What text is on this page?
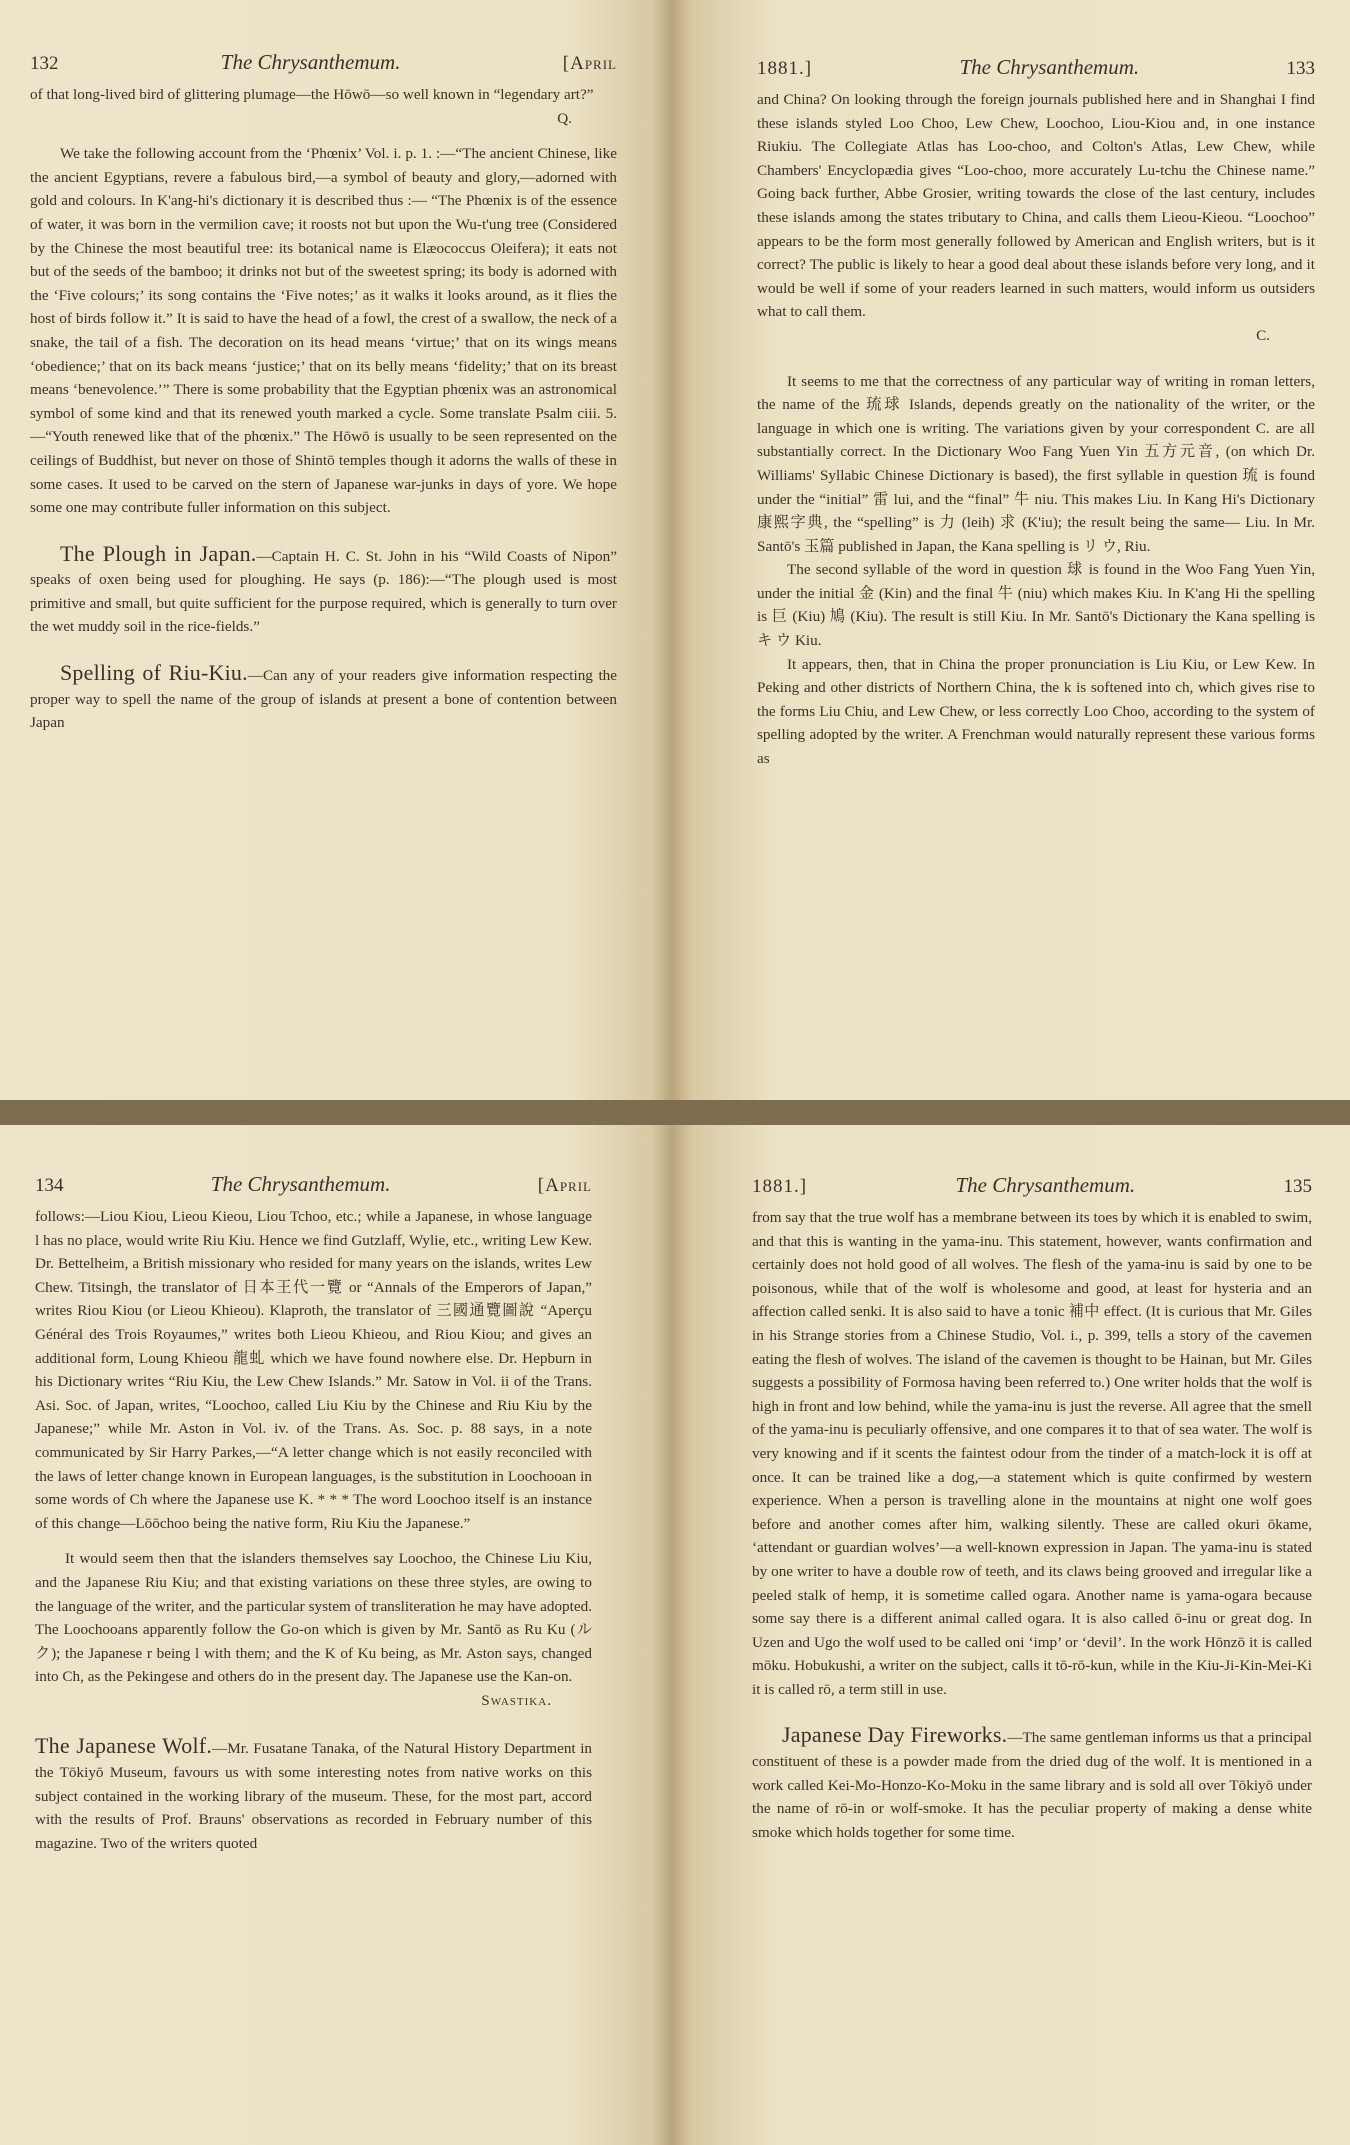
132	The Chrysanthemum.	[April

of that long-lived bird of glittering plumage—the Hōwō—so well known in “legendary art?”

Q.

We take the following account from the ‘Phœnix’ Vol. i. p. 1. :—“The ancient Chinese, like the ancient Egyptians, revere a fabulous bird,—a symbol of beauty and glory,—adorned with gold and colours. In K'ang-hi's dictionary it is described thus :— “The Phœnix is of the essence of water, it was born in the vermilion cave; it roosts not but upon the Wu-t'ung tree (Considered by the Chinese the most beautiful tree: its botanical name is Elæococcus Oleifera); it eats not but of the seeds of the bamboo; it drinks not but of the sweetest spring; its body is adorned with the ‘Five colours;’ its song contains the ‘Five notes;’ as it walks it looks around, as it flies the host of birds follow it.” It is said to have the head of a fowl, the crest of a swallow, the neck of a snake, the tail of a fish. The decoration on its head means ‘virtue;’ that on its wings means ‘obedience;’ that on its back means ‘justice;’ that on its belly means ‘fidelity;’ that on its breast means ‘benevolence.’” There is some probability that the Egyptian phœnix was an astronomical symbol of some kind and that its renewed youth marked a cycle. Some translate Psalm ciii. 5.—“Youth renewed like that of the phœnix.” The Hōwō is usually to be seen represented on the ceilings of Buddhist, but never on those of Shintō temples though it adorns the walls of these in some cases. It used to be carved on the stern of Japanese war-junks in days of yore. We hope some one may contribute fuller information on this subject.

The Plough in Japan.—Captain H. C. St. John in his “Wild Coasts of Nipon” speaks of oxen being used for ploughing. He says (p. 186):—“The plough used is most primitive and small, but quite sufficient for the purpose required, which is generally to turn over the wet muddy soil in the rice-fields.”

Spelling of Riu-Kiu.—Can any of your readers give information respecting the proper way to spell the name of the group of islands at present a bone of contention between Japan

1881.]	The Chrysanthemum.	133

and China? On looking through the foreign journals published here and in Shanghai I find these islands styled Loo Choo, Lew Chew, Loochoo, Liou-Kiou and, in one instance Riukiu. The Collegiate Atlas has Loo-choo, and Colton's Atlas, Lew Chew, while Chambers' Encyclopædia gives “Loo-choo, more accurately Lu-tchu the Chinese name.” Going back further, Abbe Grosier, writing towards the close of the last century, includes these islands among the states tributary to China, and calls them Lieou-Kieou. “Loochoo” appears to be the form most generally followed by American and English writers, but is it correct? The public is likely to hear a good deal about these islands before very long, and it would be well if some of your readers learned in such matters, would inform us outsiders what to call them.

C.

It seems to me that the correctness of any particular way of writing in roman letters, the name of the 琉球 Islands, depends greatly on the nationality of the writer, or the language in which one is writing. The variations given by your correspondent C. are all substantially correct. In the Dictionary Woo Fang Yuen Yin 五方元音, (on which Dr. Williams' Syllabic Chinese Dictionary is based), the first syllable in question 琉 is found under the “initial” 雷 lui, and the “final” 牛 niu. This makes Liu. In Kang Hi's Dictionary 康熙字典, the “spelling” is 力 (leih) 求 (K'iu); the result being the same— Liu. In Mr. Santō's 玉篇 published in Japan, the Kana spelling is リ ウ, Riu.

The second syllable of the word in question 球 is found in the Woo Fang Yuen Yin, under the initial 金 (Kin) and the final 牛 (niu) which makes Kiu. In K'ang Hi the spelling is 巨 (Kiu) 鳩 (Kiu). The result is still Kiu. In Mr. Santō's Dictionary the Kana spelling is キ ウ Kiu.

It appears, then, that in China the proper pronunciation is Liu Kiu, or Lew Kew. In Peking and other districts of Northern China, the k is softened into ch, which gives rise to the forms Liu Chiu, and Lew Chew, or less correctly Loo Choo, according to the system of spelling adopted by the writer. A Frenchman would naturally represent these various forms as

134	The Chrysanthemum.	[April

follows:—Liou Kiou, Lieou Kieou, Liou Tchoo, etc.; while a Japanese, in whose language l has no place, would write Riu Kiu. Hence we find Gutzlaff, Wylie, etc., writing Lew Kew. Dr. Bettelheim, a British missionary who resided for many years on the islands, writes Lew Chew. Titsingh, the translator of 日本王代一覽 or “Annals of the Emperors of Japan,” writes Riou Kiou (or Lieou Khieou). Klaproth, the translator of 三國通覽圖說 “Aperçu Général des Trois Royaumes,” writes both Lieou Khieou, and Riou Kiou; and gives an additional form, Loung Khieou 龍虬 which we have found nowhere else. Dr. Hepburn in his Dictionary writes “Riu Kiu, the Lew Chew Islands.” Mr. Satow in Vol. ii of the Trans. Asi. Soc. of Japan, writes, “Loochoo, called Liu Kiu by the Chinese and Riu Kiu by the Japanese;” while Mr. Aston in Vol. iv. of the Trans. As. Soc. p. 88 says, in a note communicated by Sir Harry Parkes,—“A letter change which is not easily reconciled with the laws of letter change known in European languages, is the substitution in Loochooan in some words of Ch where the Japanese use K. * * * The word Loochoo itself is an instance of this change—Lōōchoo being the native form, Riu Kiu the Japanese.”

It would seem then that the islanders themselves say Loochoo, the Chinese Liu Kiu, and the Japanese Riu Kiu; and that existing variations on these three styles, are owing to the language of the writer, and the particular system of transliteration he may have adopted. The Loochooans apparently follow the Go-on which is given by Mr. Santō as Ru Ku (ル ク); the Japanese r being l with them; and the K of Ku being, as Mr. Aston says, changed into Ch, as the Pekingese and others do in the present day. The Japanese use the Kan-on.

Swastika.

The Japanese Wolf.—Mr. Fusatane Tanaka, of the Natural History Department in the Tōkiyō Museum, favours us with some interesting notes from native works on this subject contained in the working library of the museum. These, for the most part, accord with the results of Prof. Brauns' observations as recorded in February number of this magazine. Two of the writers quoted

1881.]	The Chrysanthemum.	135

from say that the true wolf has a membrane between its toes by which it is enabled to swim, and that this is wanting in the yama-inu. This statement, however, wants confirmation and certainly does not hold good of all wolves. The flesh of the yama-inu is said by one to be poisonous, while that of the wolf is wholesome and good, at least for hysteria and an affection called senki. It is also said to have a tonic 補中 effect. (It is curious that Mr. Giles in his Strange stories from a Chinese Studio, Vol. i., p. 399, tells a story of the cavemen eating the flesh of wolves. The island of the cavemen is thought to be Hainan, but Mr. Giles suggests a possibility of Formosa having been referred to.) One writer holds that the wolf is high in front and low behind, while the yama-inu is just the reverse. All agree that the smell of the yama-inu is peculiarly offensive, and one compares it to that of sea water. The wolf is very knowing and if it scents the faintest odour from the tinder of a match-lock it is off at once. It can be trained like a dog,—a statement which is quite confirmed by western experience. When a person is travelling alone in the mountains at night one wolf goes before and another comes after him, walking silently. These are called okuri ōkame, ‘attendant or guardian wolves’—a well-known expression in Japan. The yama-inu is stated by one writer to have a double row of teeth, and its claws being grooved and irregular like a peeled stalk of hemp, it is sometime called ogara. Another name is yama-ogara because some say there is a different animal called ogara. It is also called ō-inu or great dog. In Uzen and Ugo the wolf used to be called oni ‘imp’ or ‘devil’. In the work Hōnzō it is called mōku. Hobukushi, a writer on the subject, calls it tō-rō-kun, while in the Kiu-Ji-Kin-Mei-Ki it is called rō, a term still in use.

Japanese Day Fireworks.—The same gentleman informs us that a principal constituent of these is a powder made from the dried dug of the wolf. It is mentioned in a work called Kei-Mo-Honzo-Ko-Moku in the same library and is sold all over Tōkiyō under the name of rō-in or wolf-smoke. It has the peculiar property of making a dense white smoke which holds together for some time.
